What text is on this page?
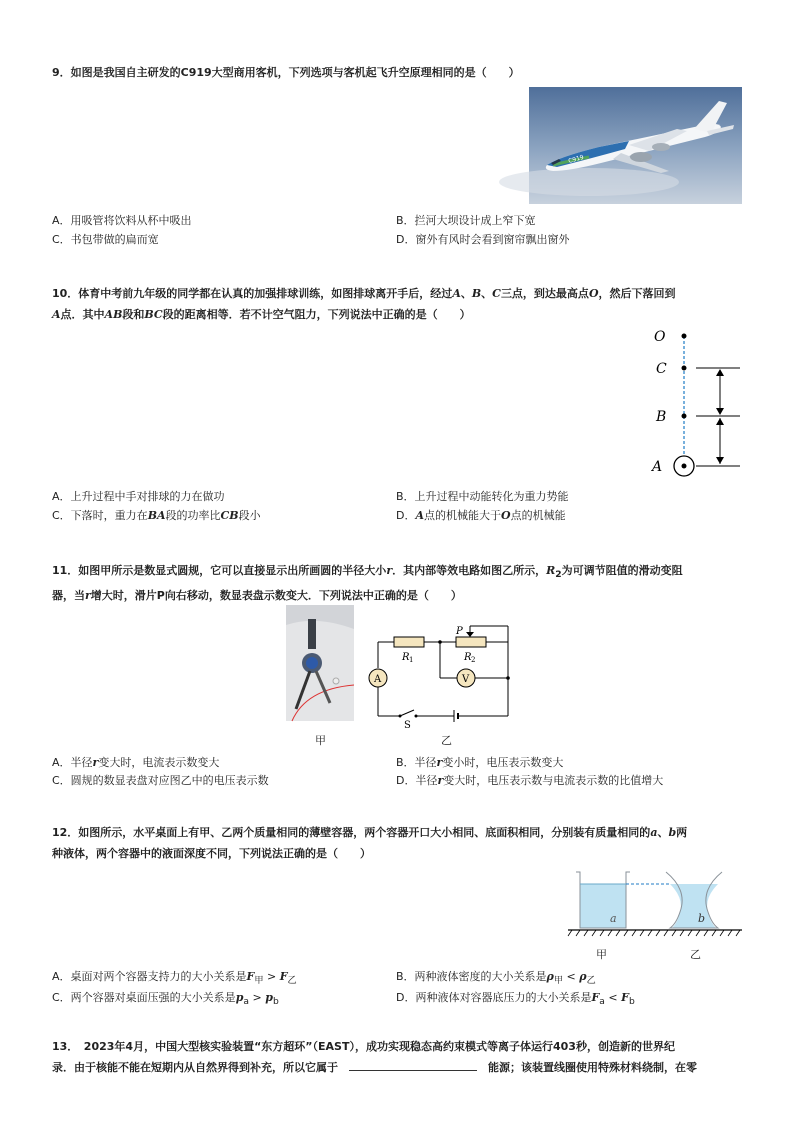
9．如图是我国自主研发的C919大型商用客机，下列选项与客机起飞升空原理相同的是（　　）
C919
A．用吸管将饮料从杯中吸出	B．拦河大坝设计成上窄下宽
C．书包带做的扁而宽	D．窗外有风时会看到窗帘飘出窗外
10．体育中考前九年级的同学都在认真的加强排球训练，如图排球离开手后，经过A、B、C三点，到达最高点O，然后下落回到
A点．其中AB段和BC段的距离相等．若不计空气阻力，下列说法中正确的是（　　）
O
C
B
A
A．上升过程中手对排球的力在做功	B．上升过程中动能转化为重力势能
C．下落时，重力在BA段的功率比CB段小	D．A点的机械能大于O点的机械能
11．如图甲所示是数显式圆规，它可以直接显示出所画圆的半径大小r．其内部等效电路如图乙所示，$R_2$为可调节阻值的滑动变阻
器，当r增大时，滑片P向右移动，数显表盘示数变大．下列说法中正确的是（　　）
P
R 1	R 2
A	V
S
甲	乙
A．半径r变大时，电流表示数变大	B．半径r变小时，电压表示数变大
C．圆规的数显表盘对应图乙中的电压表示数	D．半径r变大时，电压表示数与电流表示数的比值增大
12．如图所示，水平桌面上有甲、乙两个质量相同的薄壁容器，两个容器开口大小相同、底面积相同，分别装有质量相同的a、b两
种液体，两个容器中的液面深度不同，下列说法正确的是（　　）
a	b
甲	乙
A．桌面对两个容器支持力的大小关系是$F_甲 > F_乙$	B．两种液体密度的大小关系是$\rho_甲 < \rho_乙$
C．两个容器对桌面压强的大小关系是$p_a > p_b$	D．两种液体对容器底压力的大小关系是$F_a < F_b$
13．　2023年4月，中国大型核实验装置“东方超环”（EAST），成功实现稳态高约束模式等离子体运行403秒，创造新的世界纪
录．由于核能不能在短期内从自然界得到补充，所以它属于  	能源；该装置线圈使用特殊材料绕制，在零
